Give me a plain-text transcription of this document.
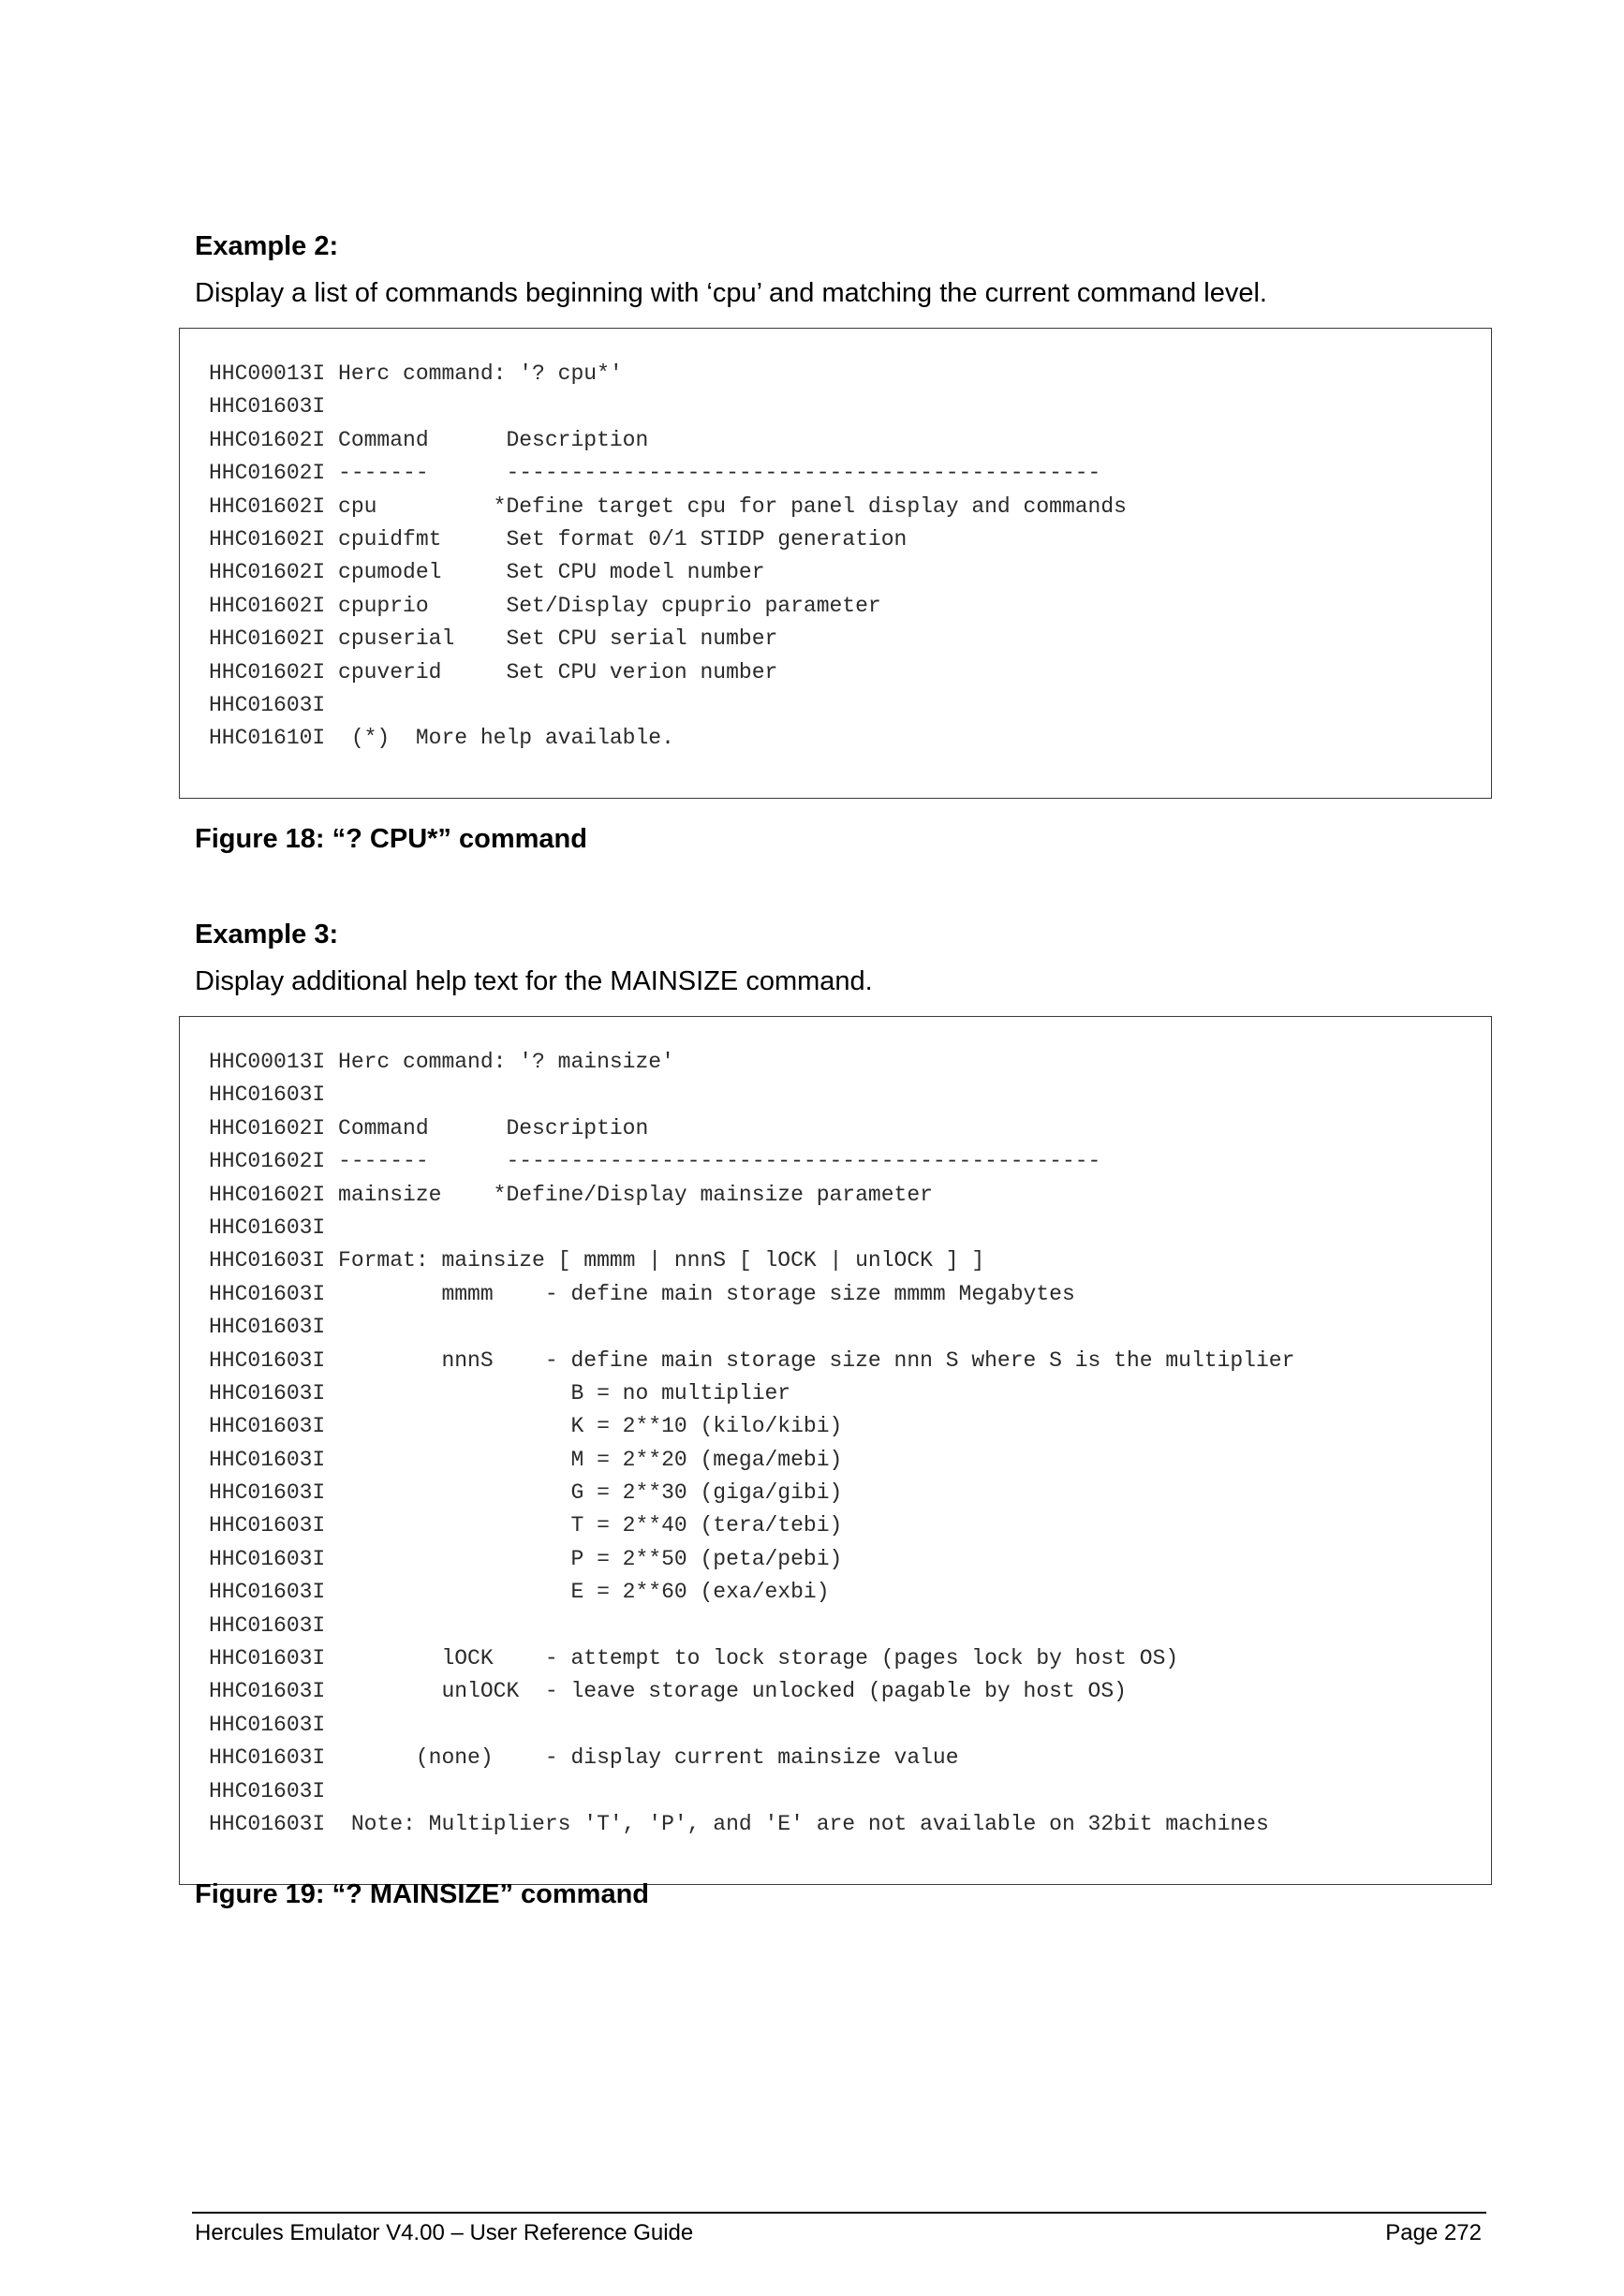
Example 2:

Display a list of commands beginning with ‘cpu’ and matching the current command level.

HHC00013I Herc command: '? cpu*'
HHC01603I
HHC01602I Command      Description
HHC01602I -------      ----------------------------------------------
HHC01602I cpu         *Define target cpu for panel display and commands
HHC01602I cpuidfmt     Set format 0/1 STIDP generation
HHC01602I cpumodel     Set CPU model number
HHC01602I cpuprio      Set/Display cpuprio parameter
HHC01602I cpuserial    Set CPU serial number
HHC01602I cpuverid     Set CPU verion number
HHC01603I
HHC01610I  (*)  More help available.
Figure 18: “? CPU*” command
Example 3:

Display additional help text for the MAINSIZE command.

HHC00013I Herc command: '? mainsize'
HHC01603I
HHC01602I Command      Description
HHC01602I -------      ----------------------------------------------
HHC01602I mainsize    *Define/Display mainsize parameter
HHC01603I
HHC01603I Format: mainsize [ mmmm | nnnS [ lOCK | unlOCK ] ]
HHC01603I         mmmm    - define main storage size mmmm Megabytes
HHC01603I
HHC01603I         nnnS    - define main storage size nnn S where S is the multiplier
HHC01603I                   B = no multiplier
HHC01603I                   K = 2**10 (kilo/kibi)
HHC01603I                   M = 2**20 (mega/mebi)
HHC01603I                   G = 2**30 (giga/gibi)
HHC01603I                   T = 2**40 (tera/tebi)
HHC01603I                   P = 2**50 (peta/pebi)
HHC01603I                   E = 2**60 (exa/exbi)
HHC01603I
HHC01603I         lOCK    - attempt to lock storage (pages lock by host OS)
HHC01603I         unlOCK  - leave storage unlocked (pagable by host OS)
HHC01603I
HHC01603I       (none)    - display current mainsize value
HHC01603I
HHC01603I  Note: Multipliers 'T', 'P', and 'E' are not available on 32bit machines
Figure 19: “? MAINSIZE” command
Hercules Emulator V4.00 – User Reference Guide	Page 272
